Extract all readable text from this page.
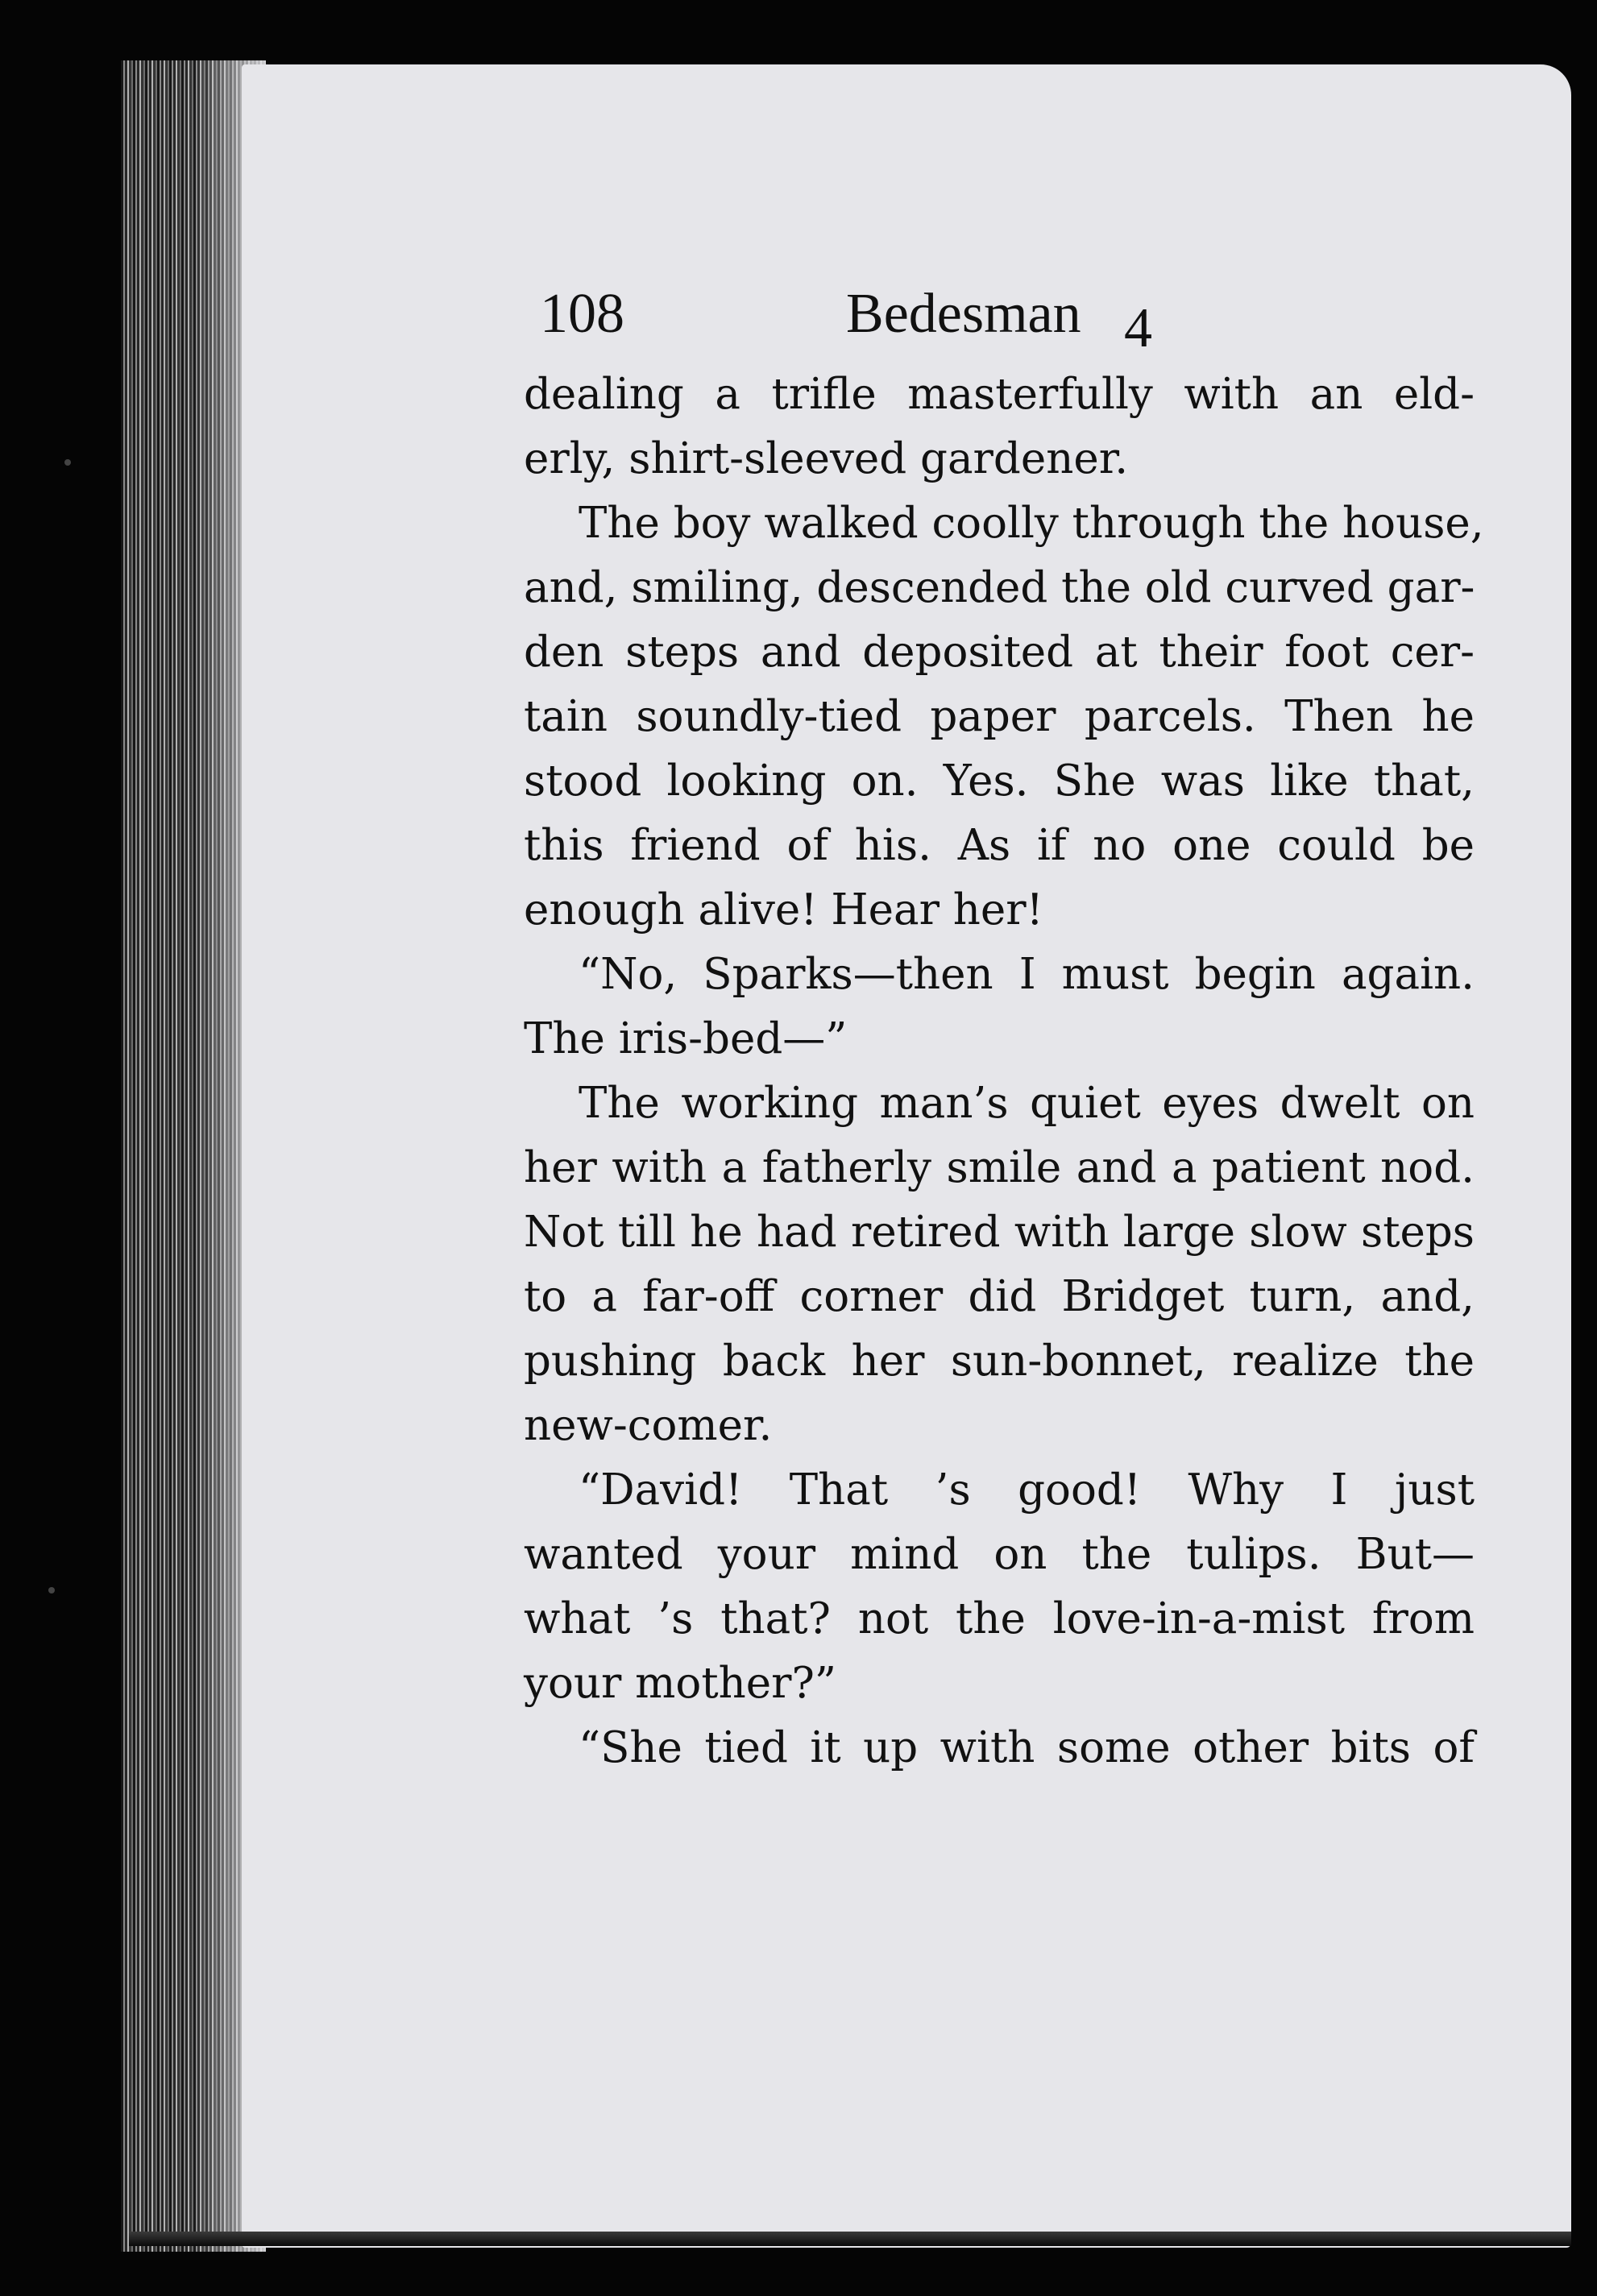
108	Bedesman 4
dealing a trifle masterfully with an eld-
erly, shirt-sleeved gardener.
The boy walked coolly through the house,
and, smiling, descended the old curved gar-
den steps and deposited at their foot cer-
tain soundly-tied paper parcels. Then he
stood looking on. Yes. She was like that,
this friend of his. As if no one could be
enough alive! Hear her!
“No, Sparks—then I must begin again.
The iris-bed—”
The working man’s quiet eyes dwelt on
her with a fatherly smile and a patient nod.
Not till he had retired with large slow steps
to a far-off corner did Bridget turn, and,
pushing back her sun-bonnet, realize the
new-comer.
“David! That ’s good! Why I just
wanted your mind on the tulips. But—
what ’s that? not the love-in-a-mist from
your mother?”
“She tied it up with some other bits of
